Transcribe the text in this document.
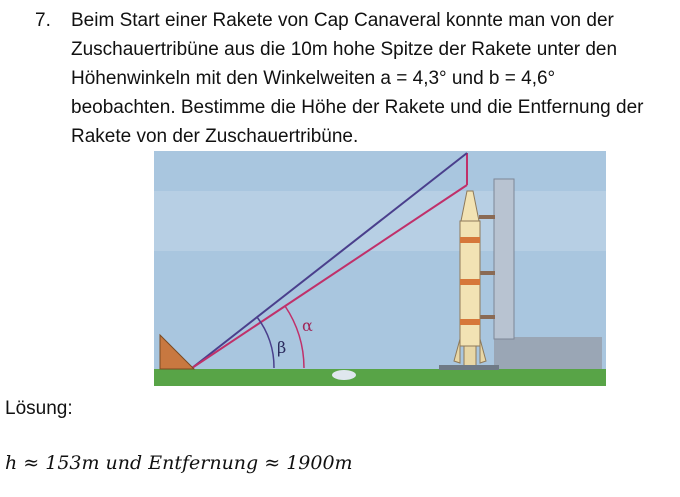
7. Beim Start einer Rakete von Cap Canaveral konnte man von der
Zuschauertribüne aus die 10m hohe Spitze der Rakete unter den
Höhenwinkeln mit den Winkelweiten a = 4,3° und b = 4,6°
beobachten. Bestimme die Höhe der Rakete und die Entfernung der
Rakete von der Zuschauertribüne.
β
α
Lösung:
h ≈ 153m und Entfernung ≈ 1900m
